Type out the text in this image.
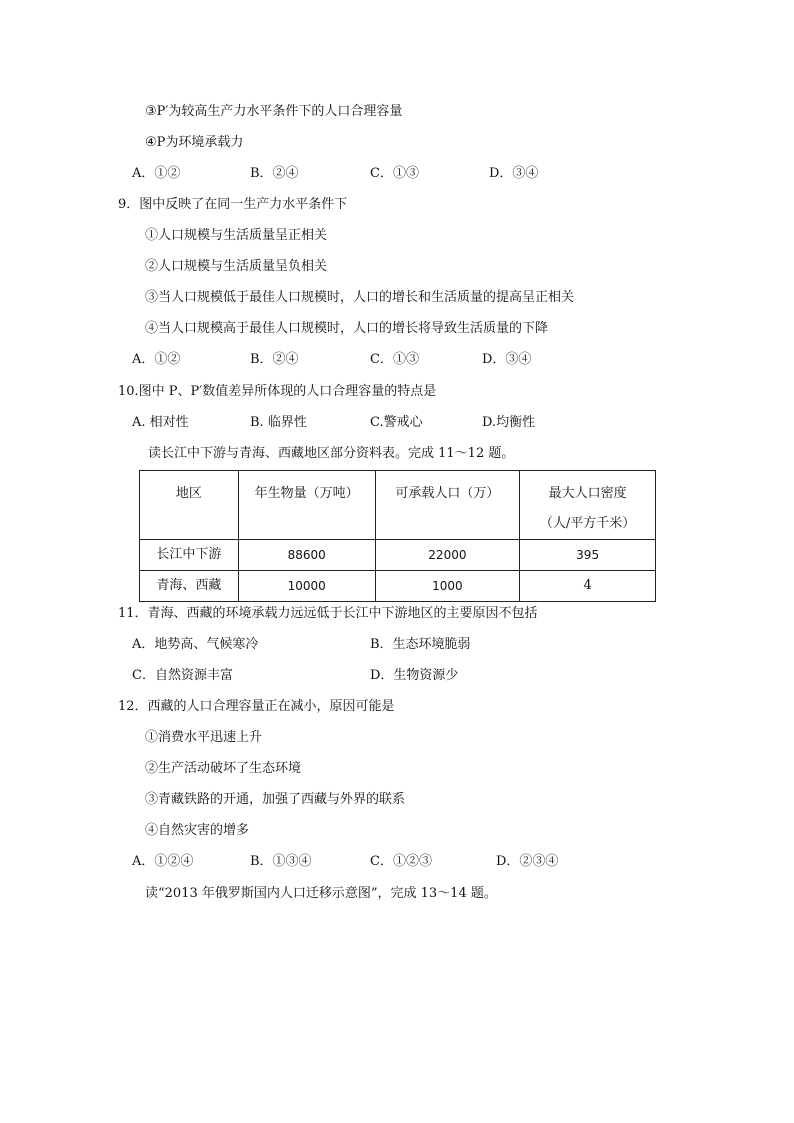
③P′为较高生产力水平条件下的人口合理容量
④P为环境承载力
A．①②	B．②④	C．①③	D．③④
9．图中反映了在同一生产力水平条件下
①人口规模与生活质量呈正相关
②人口规模与生活质量呈负相关
③当人口规模低于最佳人口规模时，人口的增长和生活质量的提高呈正相关
④当人口规模高于最佳人口规模时，人口的增长将导致生活质量的下降
A．①②	B．②④	C．①③	D．③④
10.图中 P、P′数值差异所体现的人口合理容量的特点是
A. 相对性	B. 临界性	C.警戒心	D.均衡性
读长江中下游与青海、西藏地区部分资料表。完成 11～12 题。
地区	年生物量（万吨）	可承载人口（万）	最大人口密度
（人/平方千米）

长江中下游	88600	22000	395
青海、西藏	10000	1000	4
11．青海、西藏的环境承载力远远低于长江中下游地区的主要原因不包括
A．地势高、气候寒冷	B．生态环境脆弱
C．自然资源丰富	D．生物资源少
12．西藏的人口合理容量正在减小，原因可能是
①消费水平迅速上升
②生产活动破坏了生态环境
③青藏铁路的开通，加强了西藏与外界的联系
④自然灾害的增多
A．①②④	B．①③④	C．①②③	D．②③④
读“2013 年俄罗斯国内人口迁移示意图”，完成 13～14 题。
